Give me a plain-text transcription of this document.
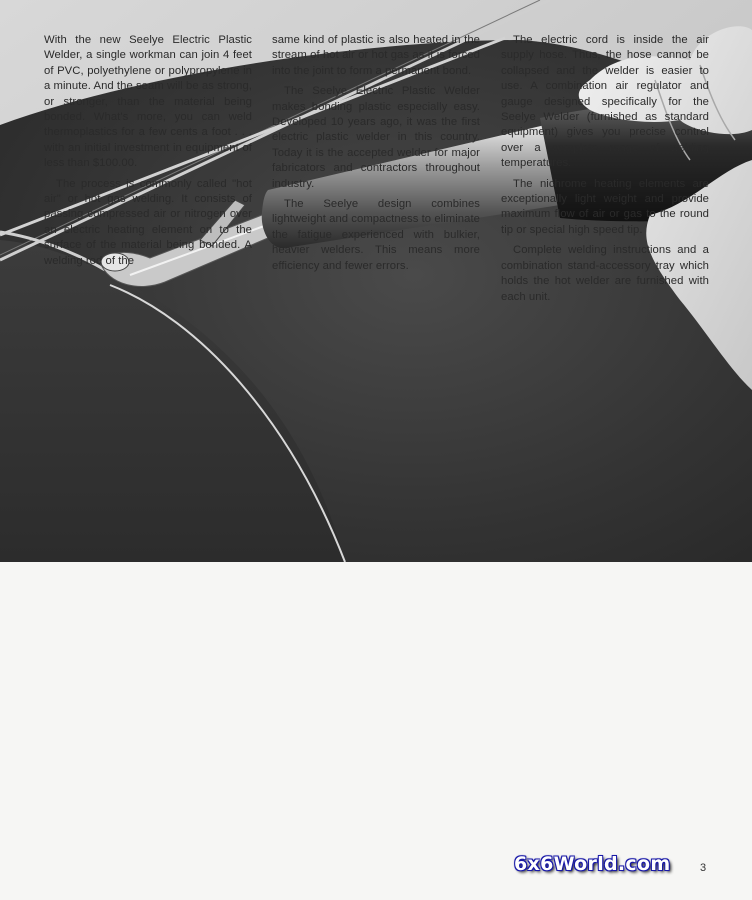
With the new Seelye Electric Plastic Welder, a single workman can join 4 feet of PVC, polyethylene or polypropylene in a minute. And the seam will be as strong, or stronger, than the material being bonded. What's more, you can weld thermoplastics for a few cents a foot . . . with an initial investment in equipment of less than $100.00.

The process is commonly called "hot air" or hot gas welding. It consists of passing compressed air or nitrogen over an electric heating element on to the surface of the material being bonded. A welding rod of the

same kind of plastic is also heated in the stream of hot air or hot gas as it is forced into the joint to form a permanent bond.

The Seelye Electric Plastic Welder makes bonding plastic especially easy. Developed 10 years ago, it was the first electric plastic welder in this country. Today it is the accepted welder for major fabricators and contractors throughout industry.

The Seelye design combines lightweight and compactness to eliminate the fatigue experienced with bulkier, heavier welders. This means more efficiency and fewer errors.

The electric cord is inside the air supply hose. Thus, the hose cannot be collapsed and the welder is easier to use. A combination air regulator and gauge designed specifically for the Seelye Welder (furnished as standard equipment) gives you precise control over a complete range of welding temperatures.

The nichrome heating elements are exceptionally light weight and provide maximum flow of air or gas to the round tip or special high speed tip.

Complete welding instructions and a combination stand-accessory tray which holds the hot welder are furnished with each unit.

6x6World.com	3
